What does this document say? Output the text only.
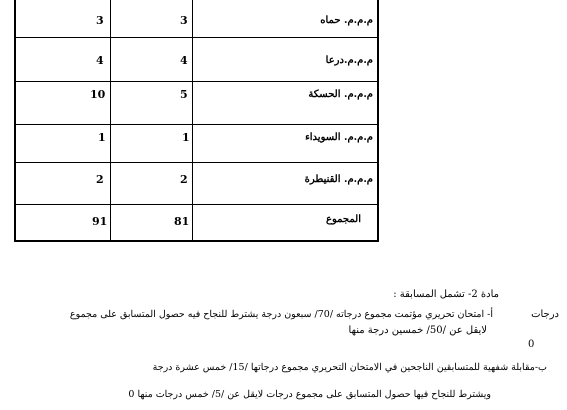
3	3	م.م.م. حماه
4	4	م.م.م.درعا
10	5	م.م.م. الحسكة
1	1	م.م.م. السويداء
2	2	م.م.م. القنيطرة
91	81	المجموع
مادة 2- تشمل المسابقة :
أ- امتحان تحريري مؤتمت مجموع درجاته /70/ سبعون درجة يشترط للنجاح فيه حصول المتسابق على مجموع	درجات
لايقل عن /50/ خمسين درجة منها
0
ب-مقابلة شفهية للمتسابقين الناجحين في الامتحان التحريري مجموع درجاتها /15/ خمس عشرة درجة
ويشترط للنجاح فيها حصول المتسابق على مجموع درجات لايقل عن /5/ خمس درجات منها 0
